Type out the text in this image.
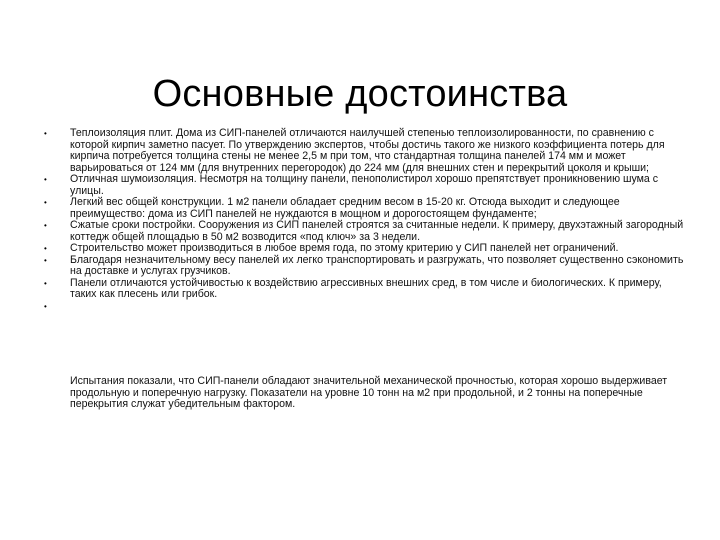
Основные достоинства
• Теплоизоляция плит. Дома из СИП-панелей отличаются наилучшей степенью теплоизолированности, по сравнению с которой кирпич заметно пасует. По утверждению экспертов, чтобы достичь такого же низкого коэффициента потерь для кирпича потребуется толщина стены не менее 2,5 м при том, что стандартная толщина панелей 174 мм и может варьироваться от 124 мм (для внутренних перегородок) до 224 мм (для внешних стен и перекрытий цоколя и крыши;
• Отличная шумоизоляция. Несмотря на толщину панели, пенополистирол хорошо препятствует проникновению шума с улицы.
• Легкий вес общей конструкции. 1 м2 панели обладает средним весом в 15-20 кг. Отсюда выходит и следующее преимущество: дома из СИП панелей не нуждаются в мощном и дорогостоящем фундаменте;
• Сжатые сроки постройки. Сооружения из СИП панелей строятся за считанные недели. К примеру, двухэтажный загородный коттедж общей площадью в 50 м2 возводится «под ключ» за 3 недели.
• Строительство может производиться в любое время года, по этому критерию у СИП панелей нет ограничений.
• Благодаря незначительному весу панелей их легко транспортировать и разгружать, что позволяет существенно сэкономить на доставке и услугах грузчиков.
• Панели отличаются устойчивостью к воздействию агрессивных внешних сред, в том числе и биологических. К примеру, таких как плесень или грибок.
•

Испытания показали, что СИП-панели обладают значительной механической прочностью, которая хорошо выдерживает продольную и поперечную нагрузку. Показатели на уровне 10 тонн на м2 при продольной, и 2 тонны на поперечные перекрытия служат убедительным фактором.
